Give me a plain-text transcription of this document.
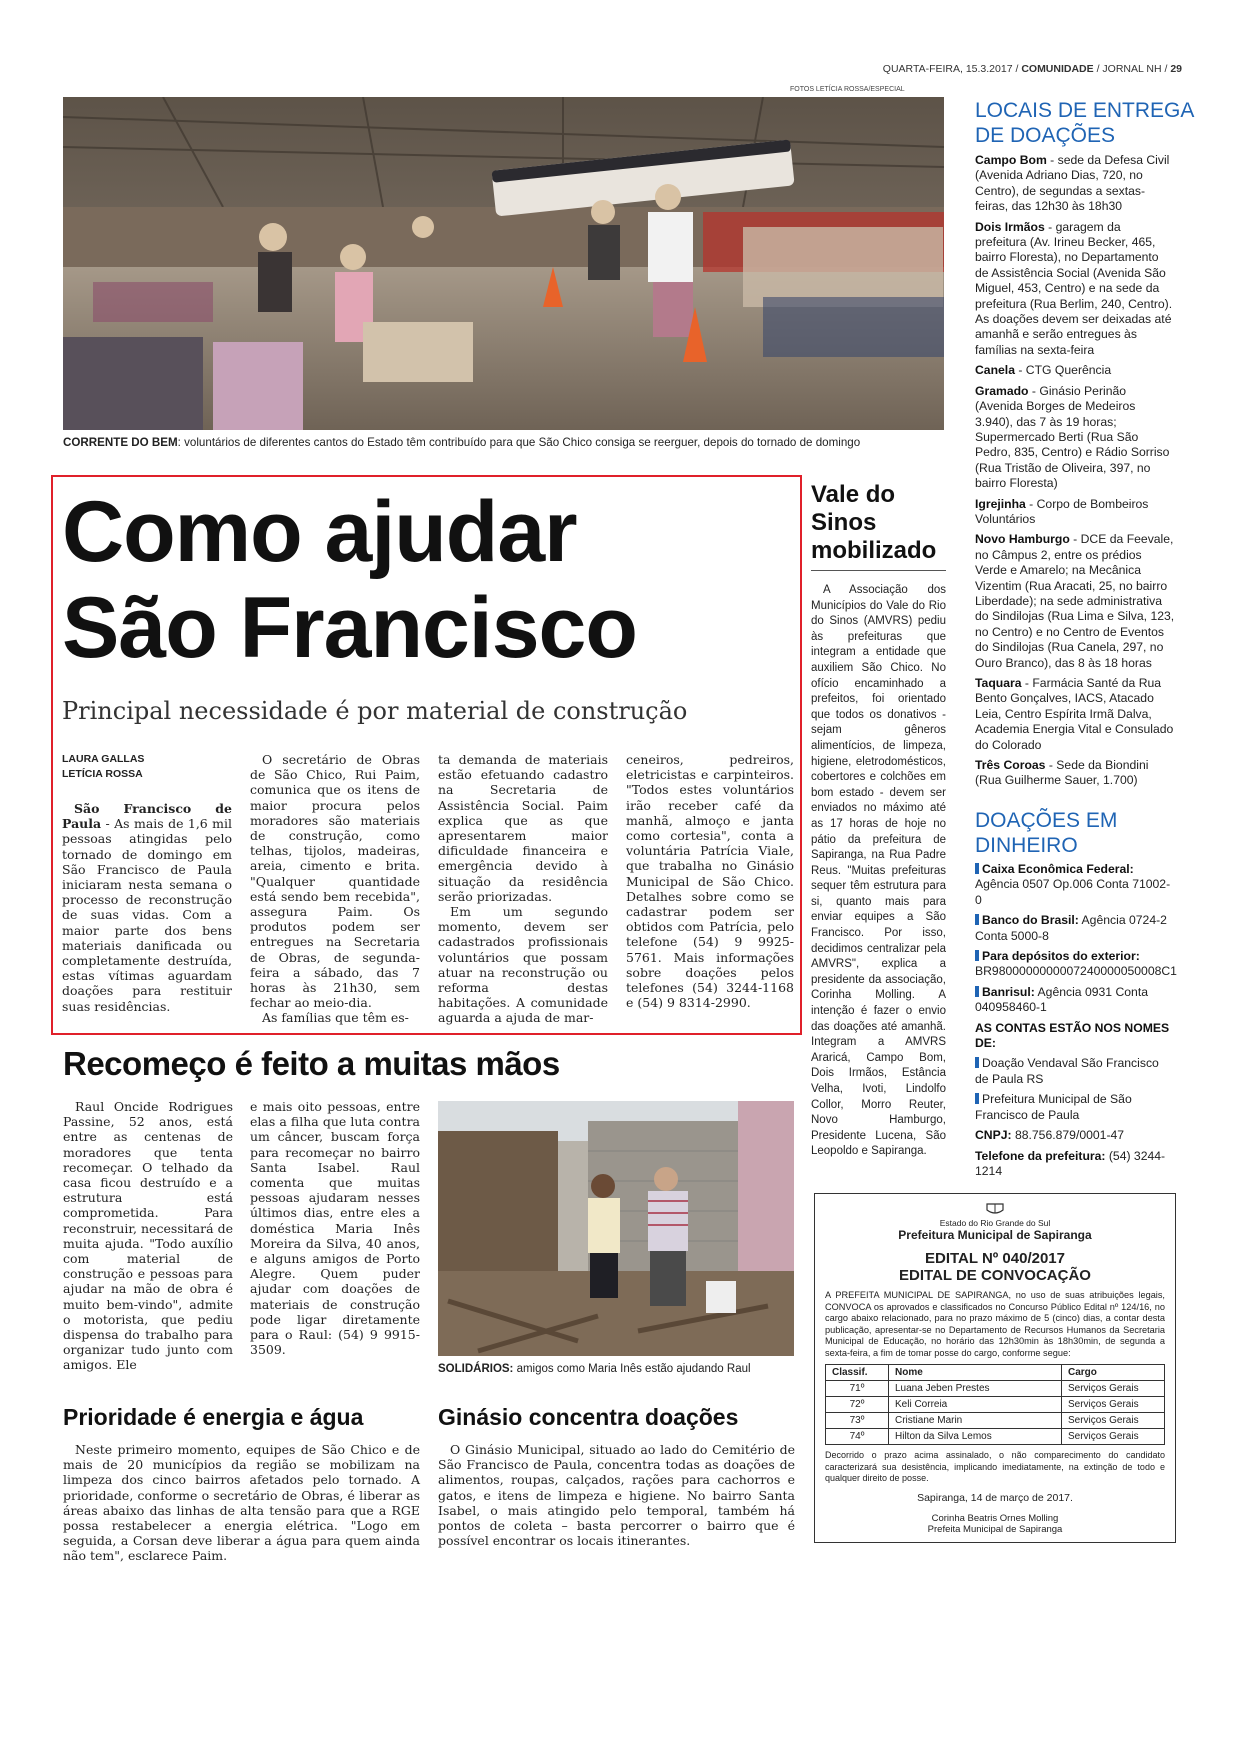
QUARTA-FEIRA, 15.3.2017 / COMUNIDADE / JORNAL NH / 29
FOTOS LETÍCIA ROSSA/ESPECIAL
CORRENTE DO BEM: voluntários de diferentes cantos do Estado têm contribuído para que São Chico consiga se reerguer, depois do tornado de domingo
Como ajudar
São Francisco
Principal necessidade é por material de construção
LAURA GALLAS
LETÍCIA ROSSA

São Francisco de Paula - As mais de 1,6 mil pessoas atingidas pelo tornado de domingo em São Francisco de Paula iniciaram nesta semana o processo de reconstrução de suas vidas. Com a maior parte dos bens materiais danificada ou completamente destruída, estas vítimas aguardam doações para restituir suas residências.

O secretário de Obras de São Chico, Rui Paim, comunica que os itens de maior procura pelos moradores são materiais de construção, como telhas, tijolos, madeiras, areia, cimento e brita. "Qualquer quantidade está sendo bem recebida", assegura Paim. Os produtos podem ser entregues na Secretaria de Obras, de segunda-feira a sábado, das 7 horas às 21h30, sem fechar ao meio-dia.

As famílias que têm es-

ta demanda de materiais estão efetuando cadastro na Secretaria de Assistência Social. Paim explica que as que apresentarem maior dificuldade financeira e emergência devido à situação da residência serão priorizadas.

Em um segundo momento, devem ser cadastrados profissionais voluntários que possam atuar na reconstrução ou reforma destas habitações. A comunidade aguarda a ajuda de mar-

ceneiros, pedreiros, eletricistas e carpinteiros. "Todos estes voluntários irão receber café da manhã, almoço e janta como cortesia", conta a voluntária Patrícia Viale, que trabalha no Ginásio Municipal de São Chico. Detalhes sobre como se cadastrar podem ser obtidos com Patrícia, pelo telefone (54) 9 9925-5761. Mais informações sobre doações pelos telefones (54) 3244-1168 e (54) 9 8314-2990.

Vale do
Sinos
mobilizado

A Associação dos Municípios do Vale do Rio do Sinos (AMVRS) pediu às prefeituras que integram a entidade que auxiliem São Chico. No ofício encaminhado a prefeitos, foi orientado que todos os donativos - sejam gêneros alimentícios, de limpeza, higiene, eletrodomésticos, cobertores e colchões em bom estado - devem ser enviados no máximo até as 17 horas de hoje no pátio da prefeitura de Sapiranga, na Rua Padre Reus. "Muitas prefeituras sequer têm estrutura para si, quanto mais para enviar equipes a São Francisco. Por isso, decidimos centralizar pela AMVRS", explica a presidente da associação, Corinha Molling. A intenção é fazer o envio das doações até amanhã. Integram a AMVRS Araricá, Campo Bom, Dois Irmãos, Estância Velha, Ivoti, Lindolfo Collor, Morro Reuter, Novo Hamburgo, Presidente Lucena, São Leopoldo e Sapiranga.

LOCAIS DE ENTREGA
DE DOAÇÕES

Campo Bom - sede da Defesa Civil (Avenida Adriano Dias, 720, no Centro), de segundas a sextas-feiras, das 12h30 às 18h30

Dois Irmãos - garagem da prefeitura (Av. Irineu Becker, 465, bairro Floresta), no Departamento de Assistência Social (Avenida São Miguel, 453, Centro) e na sede da prefeitura (Rua Berlim, 240, Centro). As doações devem ser deixadas até amanhã e serão entregues às famílias na sexta-feira

Canela - CTG Querência

Gramado - Ginásio Perinão (Avenida Borges de Medeiros 3.940), das 7 às 19 horas; Supermercado Berti (Rua São Pedro, 835, Centro) e Rádio Sorriso (Rua Tristão de Oliveira, 397, no bairro Floresta)

Igrejinha - Corpo de Bombeiros Voluntários

Novo Hamburgo - DCE da Feevale, no Câmpus 2, entre os prédios Verde e Amarelo; na Mecânica Vizentim (Rua Aracati, 25, no bairro Liberdade); na sede administrativa do Sindilojas (Rua Lima e Silva, 123, no Centro) e no Centro de Eventos do Sindilojas (Rua Canela, 297, no Ouro Branco), das 8 às 18 horas

Taquara - Farmácia Santé da Rua Bento Gonçalves, IACS, Atacado Leia, Centro Espírita Irmã Dalva, Academia Energia Vital e Consulado do Colorado

Três Coroas - Sede da Biondini (Rua Guilherme Sauer, 1.700)

DOAÇÕES EM
DINHEIRO

Caixa Econômica Federal: Agência 0507 Op.006 Conta 71002-0

Banco do Brasil: Agência 0724-2 Conta 5000-8

Para depósitos do exterior: BR9800000000007240000050008C1

Banrisul: Agência 0931 Conta 040958460-1

AS CONTAS ESTÃO NOS NOMES DE:

Doação Vendaval São Francisco de Paula RS

Prefeitura Municipal de São Francisco de Paula

CNPJ: 88.756.879/0001-47

Telefone da prefeitura: (54) 3244-1214

Recomeço é feito a muitas mãos

Raul Oncide Rodrigues Passine, 52 anos, está entre as centenas de moradores que tenta recomeçar. O telhado da casa ficou destruído e a estrutura está comprometida. Para reconstruir, necessitará de muita ajuda. "Todo auxílio com material de construção e pessoas para ajudar na mão de obra é muito bem-vindo", admite o motorista, que pediu dispensa do trabalho para organizar tudo junto com amigos. Ele

e mais oito pessoas, entre elas a filha que luta contra um câncer, buscam força para recomeçar no bairro Santa Isabel. Raul comenta que muitas pessoas ajudaram nesses últimos dias, entre eles a doméstica Maria Inês Moreira da Silva, 40 anos, e alguns amigos de Porto Alegre. Quem puder ajudar com doações de materiais de construção pode ligar diretamente para o Raul: (54) 9 9915-3509.

SOLIDÁRIOS: amigos como Maria Inês estão ajudando Raul
Prioridade é energia e água

Neste primeiro momento, equipes de São Chico e de mais de 20 municípios da região se mobilizam na limpeza dos cinco bairros afetados pelo tornado. A prioridade, conforme o secretário de Obras, é liberar as áreas abaixo das linhas de alta tensão para que a RGE possa restabelecer a energia elétrica. "Logo em seguida, a Corsan deve liberar a água para quem ainda não tem", esclarece Paim.

Ginásio concentra doações

O Ginásio Municipal, situado ao lado do Cemitério de São Francisco de Paula, concentra todas as doações de alimentos, roupas, calçados, rações para cachorros e gatos, e itens de limpeza e higiene. No bairro Santa Isabel, o mais atingido pelo temporal, também há pontos de coleta – basta percorrer o bairro que é possível encontrar os locais itinerantes.

Estado do Rio Grande do Sul
Prefeitura Municipal de Sapiranga
EDITAL Nº 040/2017
EDITAL DE CONVOCAÇÃO
A PREFEITA MUNICIPAL DE SAPIRANGA, no uso de suas atribuições legais, CONVOCA os aprovados e classificados no Concurso Público Edital nº 124/16, no cargo abaixo relacionado, para no prazo máximo de 5 (cinco) dias, a contar desta publicação, apresentar-se no Departamento de Recursos Humanos da Secretaria Municipal de Educação, no horário das 12h30min às 18h30min, de segunda a sexta-feira, a fim de tomar posse do cargo, conforme segue:
Classif.	Nome	Cargo
71º	Luana Jeben Prestes	Serviços Gerais
72º	Keli Correia	Serviços Gerais
73º	Cristiane Marin	Serviços Gerais
74º	Hilton da Silva Lemos	Serviços Gerais
Decorrido o prazo acima assinalado, o não comparecimento do candidato caracterizará sua desistência, implicando imediatamente, na extinção de todo e qualquer direito de posse.
Sapiranga, 14 de março de 2017.
Corinha Beatris Ornes Molling
Prefeita Municipal de Sapiranga
